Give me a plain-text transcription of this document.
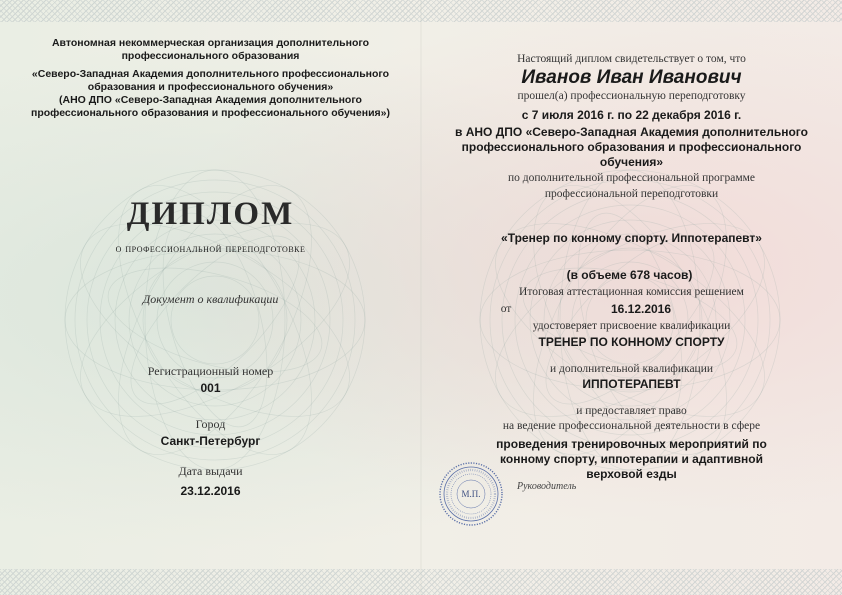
Автономная некоммерческая организация дополнительного
профессионального образования
«Северо-Западная Академия дополнительного профессионального
образования и профессионального обучения»
(АНО ДПО «Северо-Западная Академия дополнительного
профессионального образования и профессионального обучения»)
ДИПЛОМ
о профессиональной переподготовке
Документ о квалификации
Регистрационный номер
001
Город
Санкт-Петербург
Дата выдачи
23.12.2016
Настоящий диплом свидетельствует о том, что
Иванов Иван Иванович
прошел(а) профессиональную переподготовку
с 7 июля 2016 г. по 22 декабря 2016 г.
в АНО ДПО «Северо-Западная Академия дополнительного
профессионального образования и профессионального
обучения»
по дополнительной профессиональной программе
профессиональной переподготовки
«Тренер по конному спорту. Иппотерапевт»
(в объеме 678 часов)
Итоговая аттестационная комиссия решением
от	16.12.2016
удостоверяет присвоение квалификации
ТРЕНЕР ПО КОННОМУ СПОРТУ
и дополнительной квалификации
ИППОТЕРАПЕВТ
и предоставляет право
на ведение профессиональной деятельности в сфере
проведения тренировочных мероприятий по
конному спорту, иппотерапии и адаптивной
верховой езды
М.П.
Руководитель
